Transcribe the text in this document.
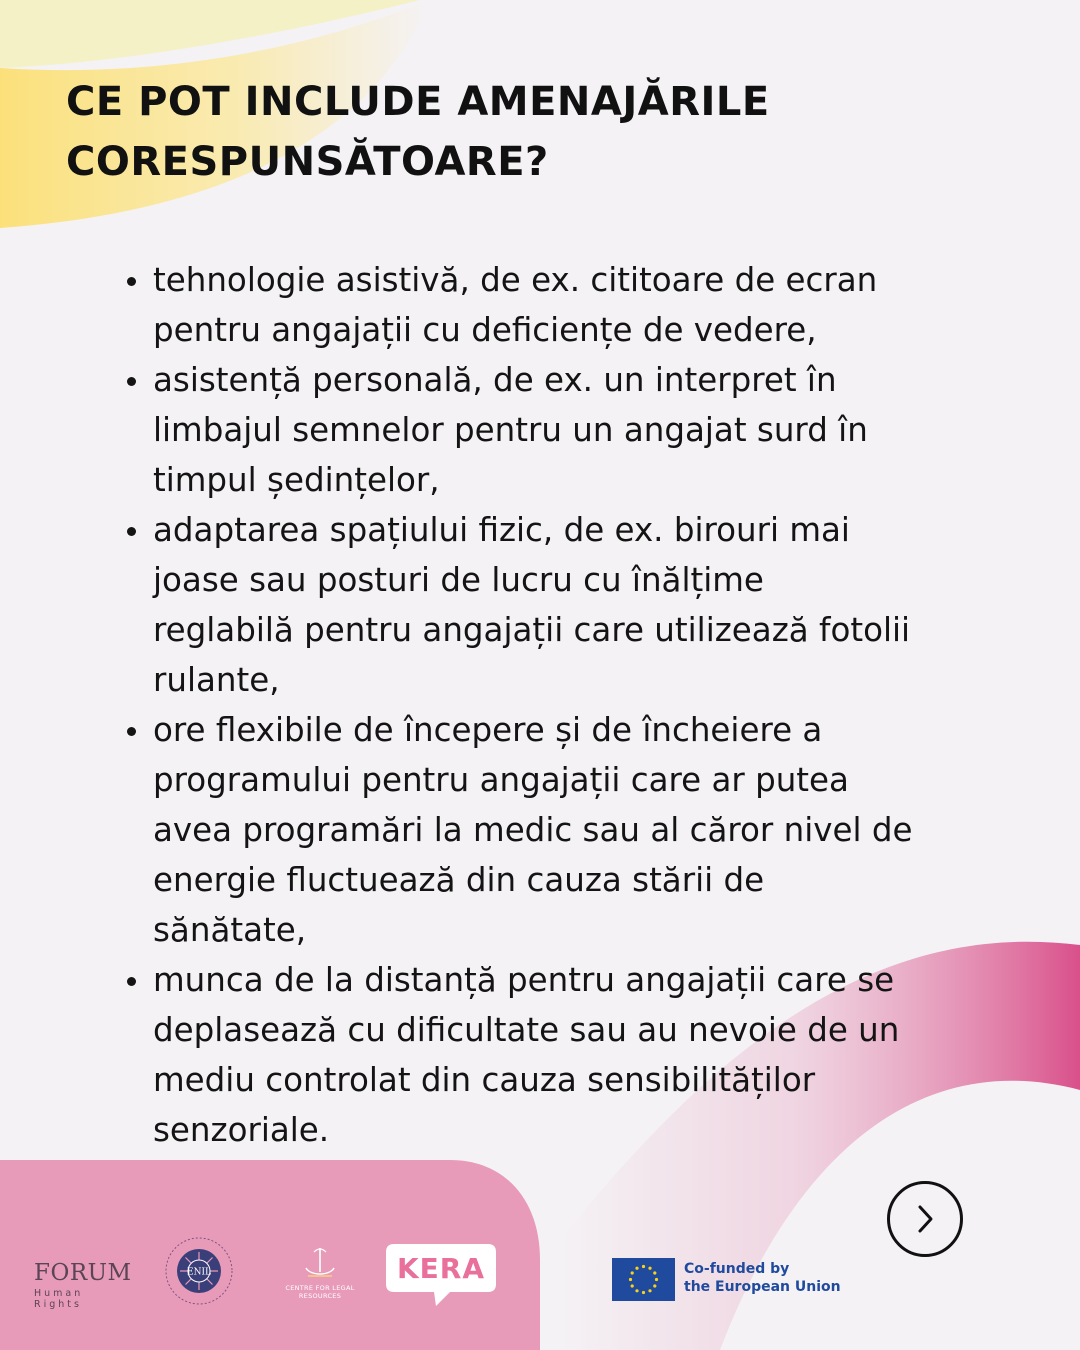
CE POT INCLUDE AMENAJĂRILE
CORESPUNSĂTOARE?
tehnologie asistivă, de ex. cititoare de ecran
pentru angajații cu deficiențe de vedere,
asistență personală, de ex. un interpret în
limbajul semnelor pentru un angajat surd în
timpul ședințelor,
adaptarea spațiului fizic, de ex. birouri mai
joase sau posturi de lucru cu înălțime
reglabilă pentru angajații care utilizează fotolii
rulante,
ore flexibile de începere și de încheiere a
programului pentru angajații care ar putea
avea programări la medic sau al căror nivel de
energie fluctuează din cauza stării de
sănătate,
munca de la distanță pentru angajații care se
deplasează cu dificultate sau au nevoie de un
mediu controlat din cauza sensibilităților
senzoriale.
FORUM
Human Rights
ENIL
CENTRE FOR LEGAL
RESOURCES
KERA	Co-funded by
the European Union
